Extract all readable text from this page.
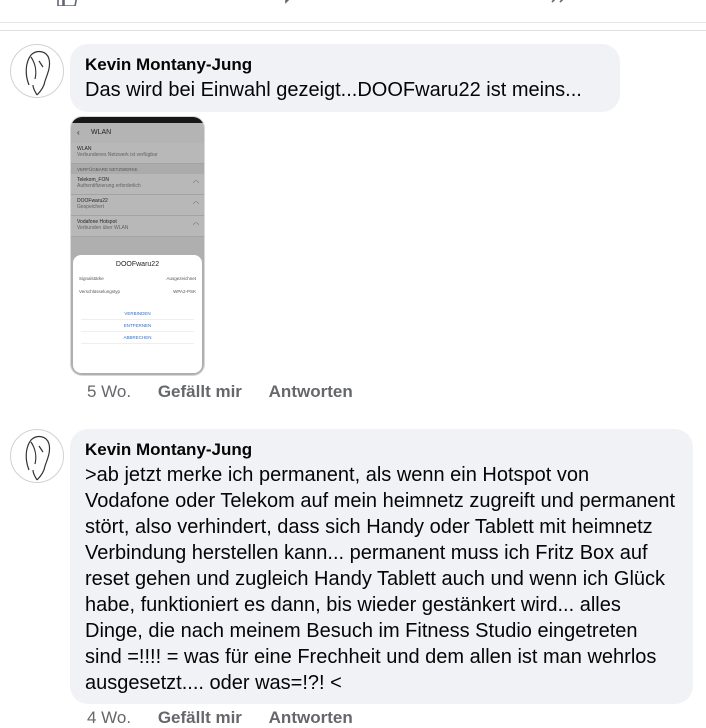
Kevin Montany-Jung
Das wird bei Einwahl gezeigt...DOOFwaru22 ist meins...
‹ WLAN
WLAN
Verbundenes Netzwerk ist verfügbar
VERFÜGBARE NETZWERKE
Telekom_FON
Authentifizierung erforderlich	◠
DOOFwaru22
Gespeichert	◠
Vodafone Hotspot
Verbunden über WLAN	◠
DOOFwaru22
Signalstärke	Ausgezeichnet
Verschlüsselungstyp	WPA2-PSK
VERBINDEN
ENTFERNEN
ABBRECHEN
5 Wo. Gefällt mir Antworten
Kevin Montany-Jung
>ab jetzt merke ich permanent, als wenn ein Hotspot von Vodafone oder Telekom auf mein heimnetz zugreift und permanent stört, also verhindert, dass sich Handy oder Tablett mit heimnetz Verbindung herstellen kann... permanent muss ich Fritz Box auf reset gehen und zugleich Handy Tablett auch und wenn ich Glück habe, funktioniert es dann, bis wieder gestänkert wird... alles Dinge, die nach meinem Besuch im Fitness Studio eingetreten sind =!!!! = was für eine Frechheit und dem allen ist man wehrlos ausgesetzt.... oder was=!?! <
4 Wo. Gefällt mir Antworten
